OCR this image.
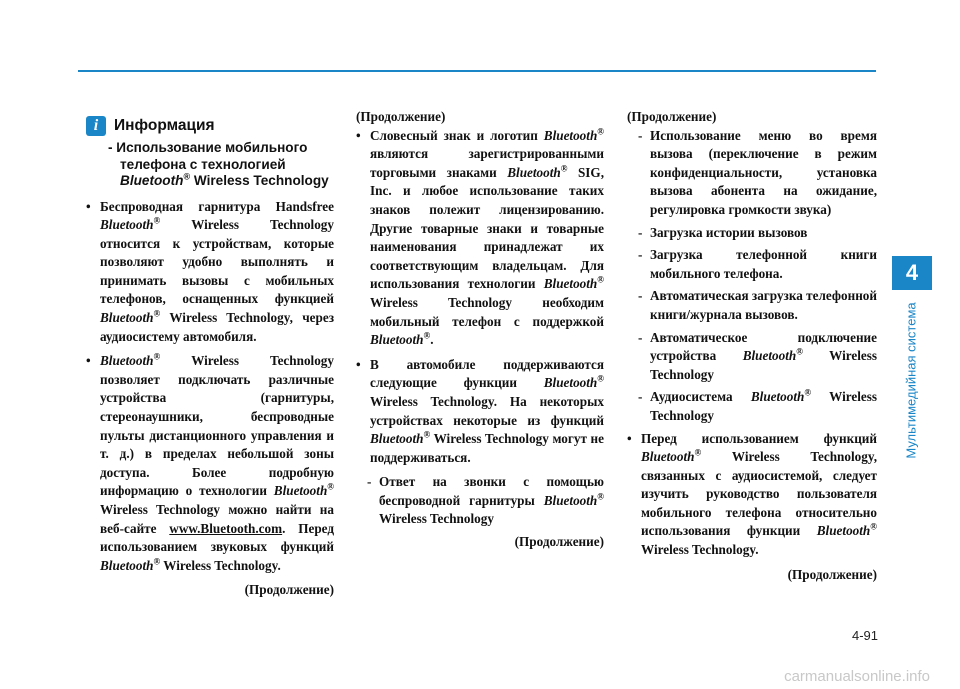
4
Мультимедийная система
i	Информация
- Использование мобильного телефона с технологией Bluetooth® Wireless Technology
• Беспроводная гарнитура Handsfree Bluetooth® Wireless Technology относится к устройствам, которые позволяют удобно выполнять и принимать вызовы с мобильных телефонов, оснащенных функцией Bluetooth® Wireless Technology, через аудиосистему автомобиля.
• Bluetooth® Wireless Technology позволяет подключать различные устройства (гарнитуры, стереонаушники, беспроводные пульты дистанционного управления и т. д.) в пределах небольшой зоны доступа. Более подробную информацию о технологии Bluetooth® Wireless Technology можно найти на веб-сайте www.Bluetooth.com. Перед использованием звуковых функций Bluetooth® Wireless Technology.
(Продолжение)
(Продолжение)
• Словесный знак и логотип Bluetooth® являются зарегистрированными торговыми знаками Bluetooth® SIG, Inc. и любое использование таких знаков полежит лицензированию. Другие товарные знаки и товарные наименования принадлежат их соответствующим владельцам. Для использования технологии Bluetooth® Wireless Technology необходим мобильный телефон с поддержкой Bluetooth®.
• В автомобиле поддерживаются следующие функции Bluetooth® Wireless Technology. На некоторых устройствах некоторые из функций Bluetooth® Wireless Technology могут не поддерживаться.
- Ответ на звонки с помощью беспроводной гарнитуры Bluetooth® Wireless Technology
(Продолжение)
(Продолжение)
- Использование меню во время вызова (переключение в режим конфиденциальности, установка вызова абонента на ожидание, регулировка громкости звука)
- Загрузка истории вызовов
- Загрузка телефонной книги мобильного телефона.
- Автоматическая загрузка телефонной книги/журнала вызовов.
- Автоматическое подключение устройства Bluetooth® Wireless Technology
- Аудиосистема Bluetooth® Wireless Technology
• Перед использованием функций Bluetooth® Wireless Technology, связанных с аудиосистемой, следует изучить руководство пользователя мобильного телефона относительно использования функции Bluetooth® Wireless Technology.
(Продолжение)
4-91
carmanualsonline.info
